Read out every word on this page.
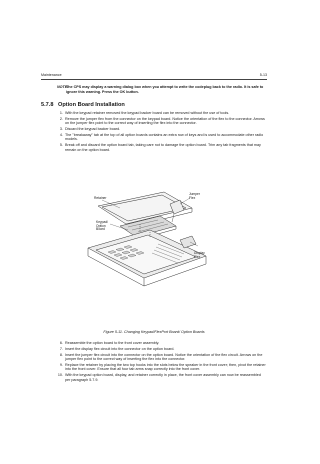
Maintenance	5-13
NOTE:
The CPS may display a warning dialog box when you attempt to write the codeplug back to the radio. It is safe to ignore this warning. Press the OK button.
5.7.8 Option Board Installation
1. With the keypad retainer removed the keypad backer board can be removed without the use of tools.
2. Remove the jumper flex from the connector on the keypad board. Notice the orientation of the flex to the connector. Arrows on the jumper flex point to the correct way of inserting the flex into the connector.
3. Discard the keypad backer board.
4. The "breakaway" tab at the top of all option boards contains an extra row of keys and is used to accommodate other radio models.
5. Break off and discard the option board tab, taking care not to damage the option board. Trim any tab fragments that may remain on the option board.
Retainer
Jumper
Flex
Keypad/
Option
Board
Display
Flex
Figure 5-11. Changing Keypad/FlexPort Board/ Option Boards
6. Reassemble the option board to the front cover assembly.
7. Insert the display flex circuit into the connector on the option board.
8. Insert the jumper flex circuit into the connector on the option board. Notice the orientation of the flex circuit. Arrows on the jumper flex point to the correct way of inserting the flex into the connector.
9. Replace the retainer by placing the two top hooks into the slots below the speaker in the front cover; then, pivot the retainer into the front cover. Ensure that all four tab arms snap correctly into the front cover.
10. With the keypad option board, display, and retainer correctly in place, the front cover assembly can now be reassembled per paragraph 5.7.9.
